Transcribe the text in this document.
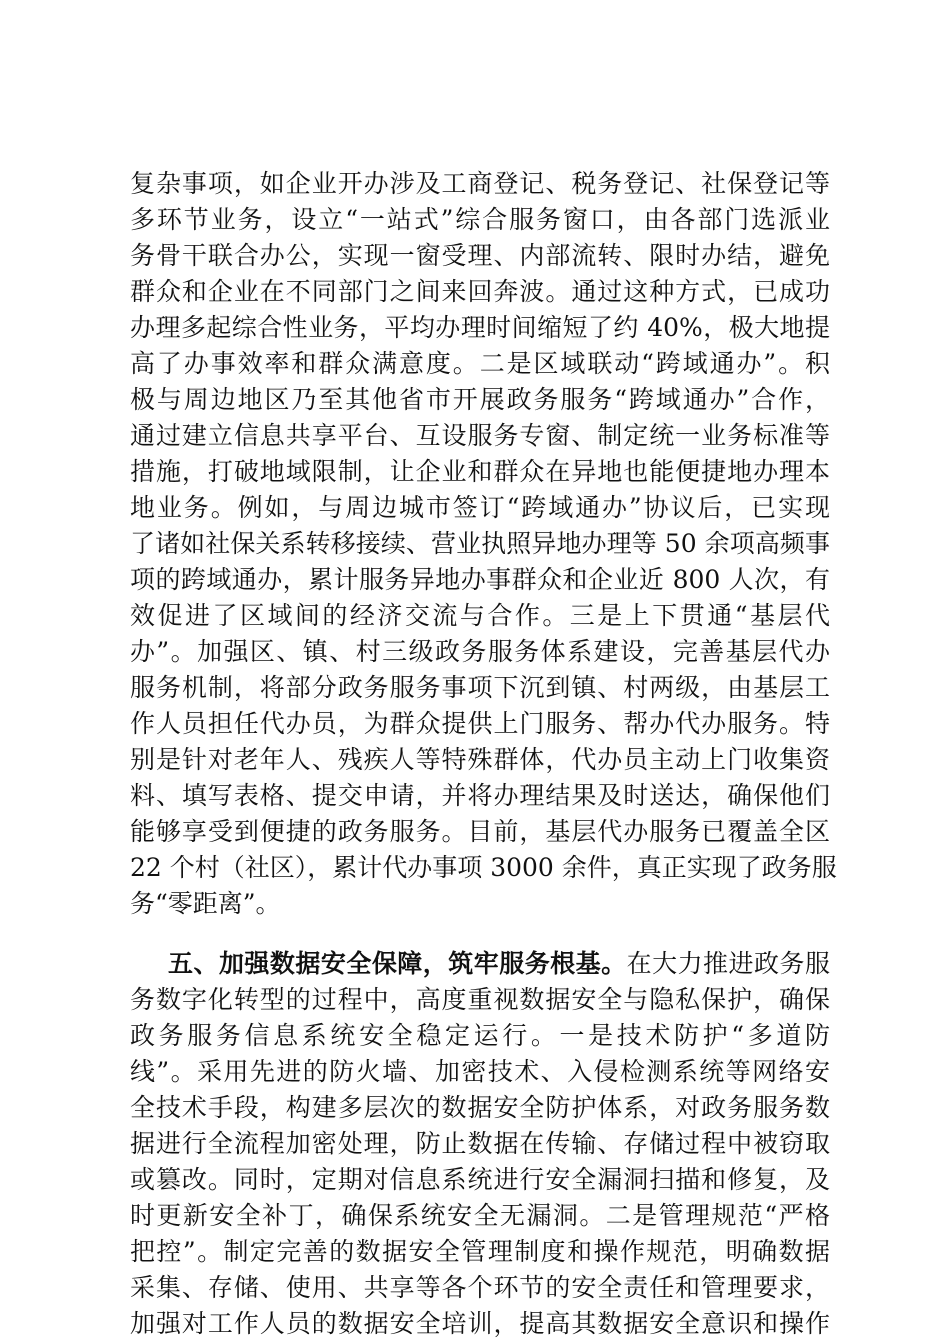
复杂事项，如企业开办涉及工商登记、税务登记、社保登记等
多环节业务，设立“一站式”综合服务窗口，由各部门选派业
务骨干联合办公，实现一窗受理、内部流转、限时办结，避免
群众和企业在不同部门之间来回奔波。通过这种方式，已成功
办理多起综合性业务，平均办理时间缩短了约 40%，极大地提
高了办事效率和群众满意度。二是区域联动“跨域通办”。积
极与周边地区乃至其他省市开展政务服务“跨域通办”合作，
通过建立信息共享平台、互设服务专窗、制定统一业务标准等
措施，打破地域限制，让企业和群众在异地也能便捷地办理本
地业务。例如，与周边城市签订“跨域通办”协议后，已实现
了诸如社保关系转移接续、营业执照异地办理等 50 余项高频事
项的跨域通办，累计服务异地办事群众和企业近 800 人次，有
效促进了区域间的经济交流与合作。三是上下贯通“基层代
办”。加强区、镇、村三级政务服务体系建设，完善基层代办
服务机制，将部分政务服务事项下沉到镇、村两级，由基层工
作人员担任代办员，为群众提供上门服务、帮办代办服务。特
别是针对老年人、残疾人等特殊群体，代办员主动上门收集资
料、填写表格、提交申请，并将办理结果及时送达，确保他们
能够享受到便捷的政务服务。目前，基层代办服务已覆盖全区
22 个村（社区），累计代办事项 3000 余件，真正实现了政务服
务“零距离”。
五、加强数据安全保障，筑牢服务根基。在大力推进政务服
务数字化转型的过程中，高度重视数据安全与隐私保护，确保
政务服务信息系统安全稳定运行。一是技术防护“多道防
线”。采用先进的防火墙、加密技术、入侵检测系统等网络安
全技术手段，构建多层次的数据安全防护体系，对政务服务数
据进行全流程加密处理，防止数据在传输、存储过程中被窃取
或篡改。同时，定期对信息系统进行安全漏洞扫描和修复，及
时更新安全补丁，确保系统安全无漏洞。二是管理规范“严格
把控”。制定完善的数据安全管理制度和操作规范，明确数据
采集、存储、使用、共享等各个环节的安全责任和管理要求，
加强对工作人员的数据安全培训，提高其数据安全意识和操作
